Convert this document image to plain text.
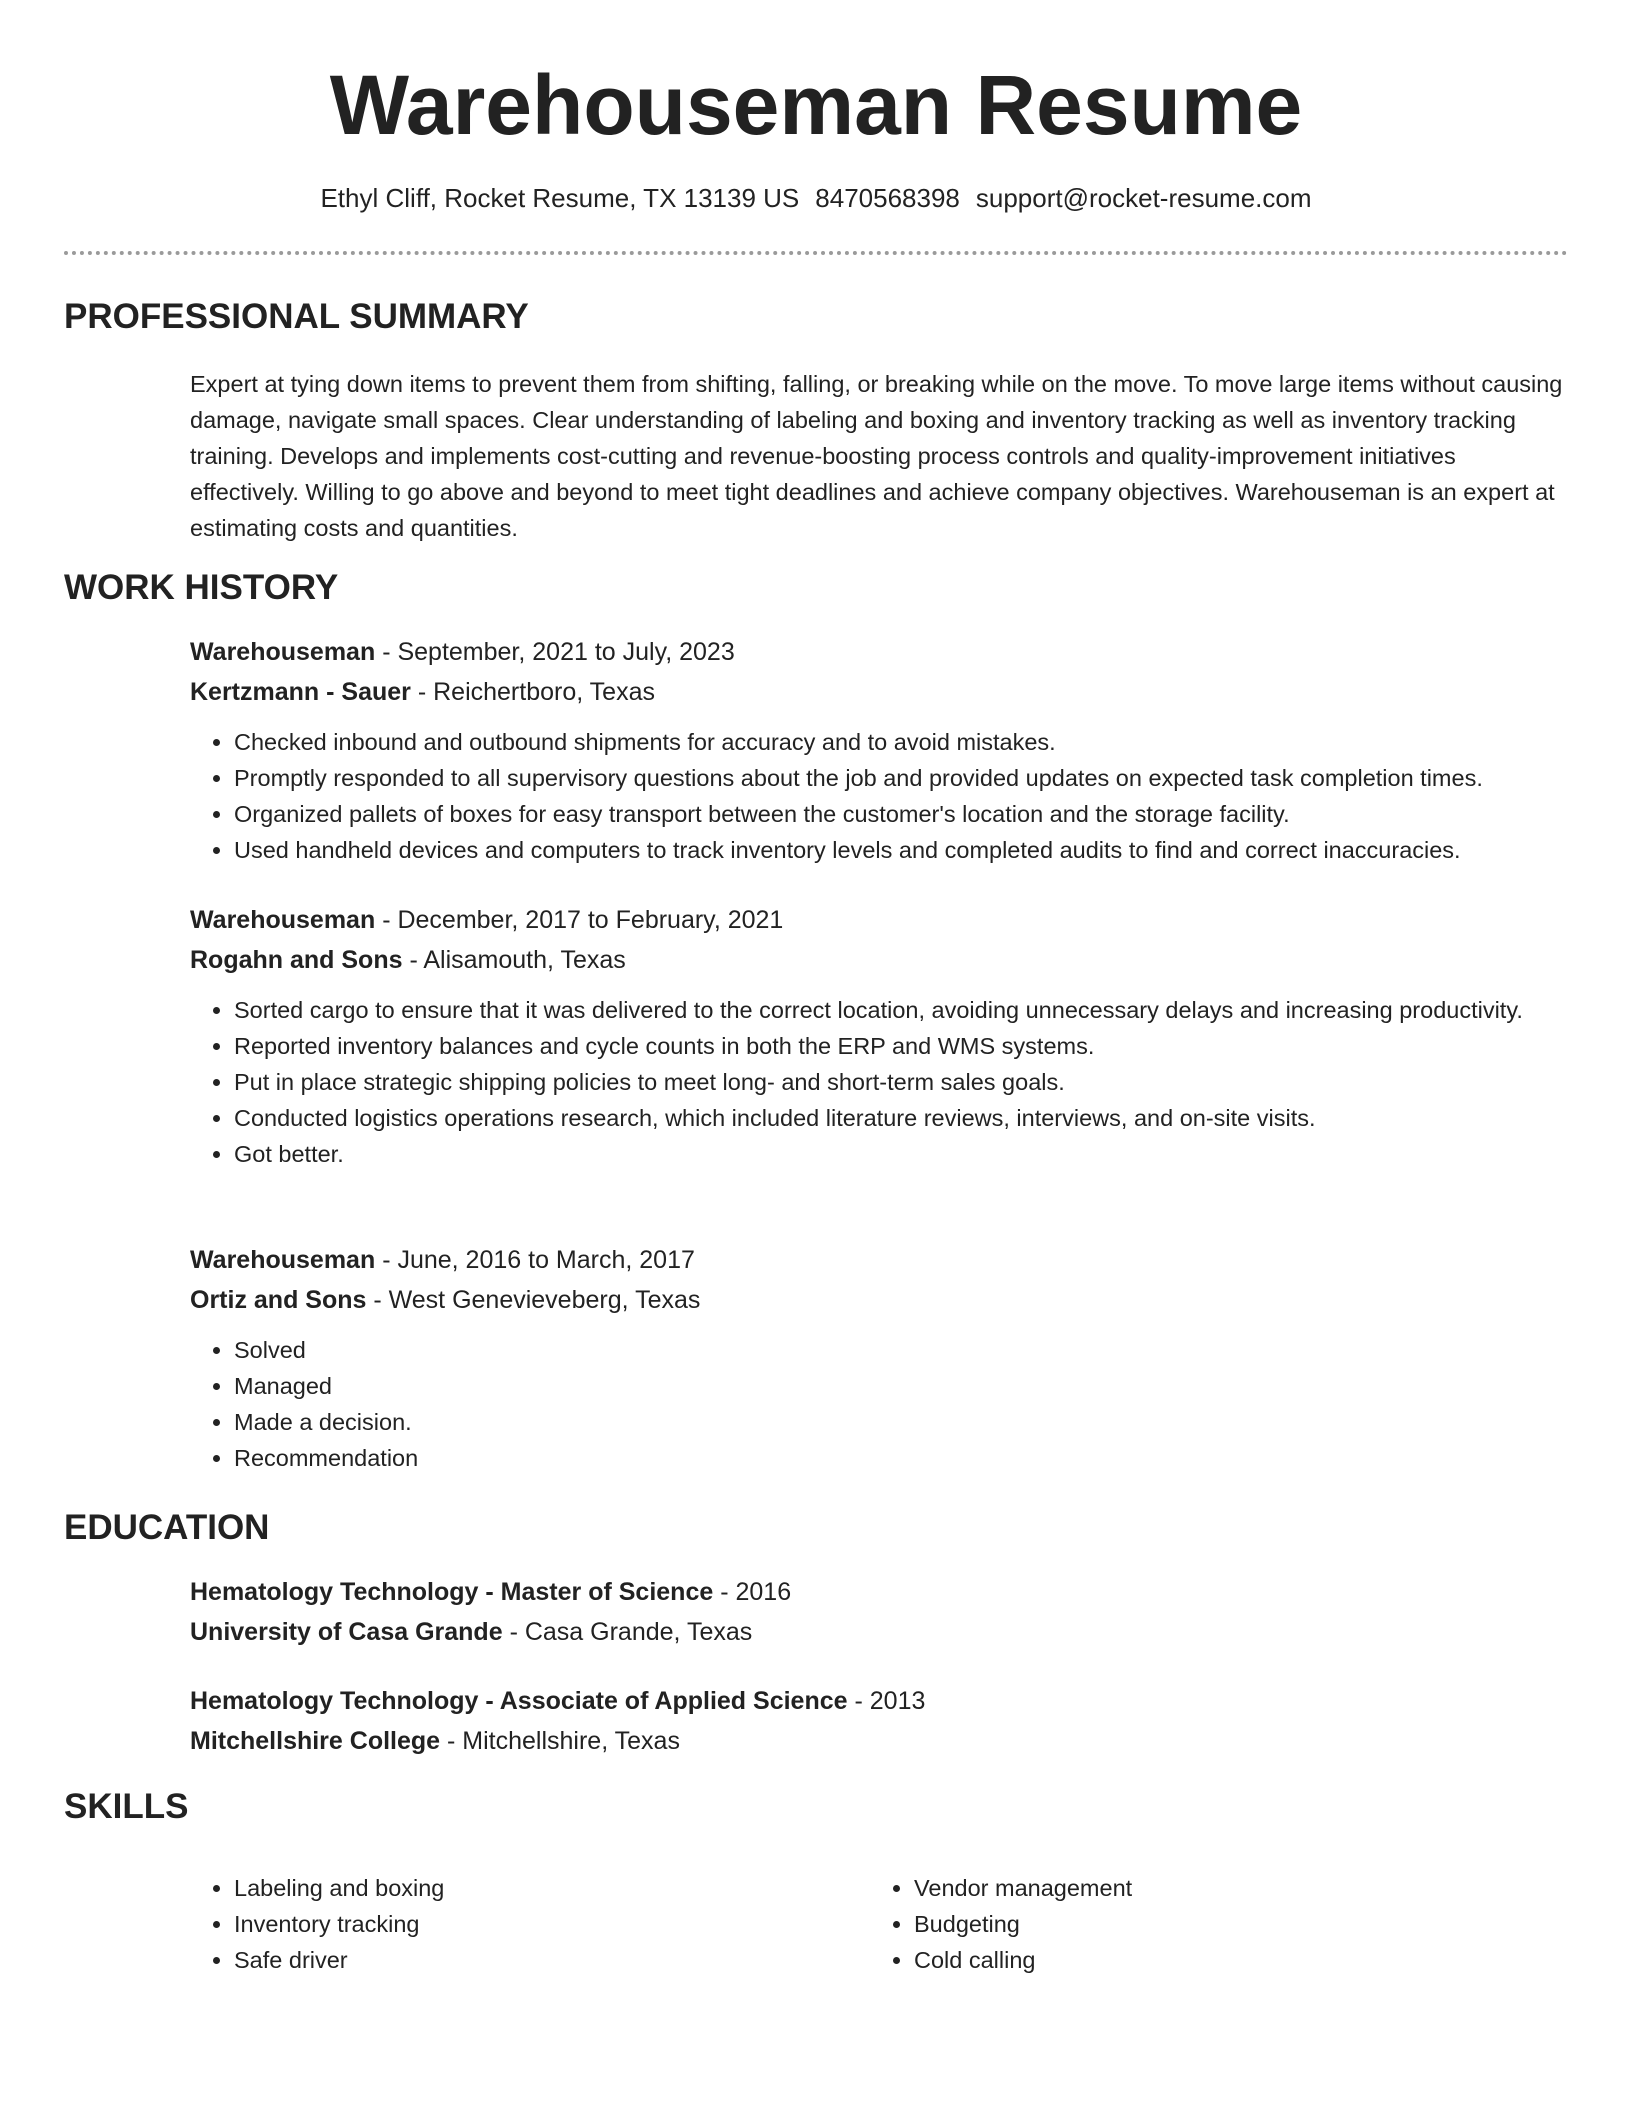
Warehouseman Resume
Ethyl Cliff, Rocket Resume, TX 13139 US 8470568398 support@rocket-resume.com
PROFESSIONAL SUMMARY

Expert at tying down items to prevent them from shifting, falling, or breaking while on the move. To move large items without causing damage, navigate small spaces. Clear understanding of labeling and boxing and inventory tracking as well as inventory tracking training. Develops and implements cost-cutting and revenue-boosting process controls and quality-improvement initiatives effectively. Willing to go above and beyond to meet tight deadlines and achieve company objectives. Warehouseman is an expert at estimating costs and quantities.

WORK HISTORY
Warehouseman - September, 2021 to July, 2023
Kertzmann - Sauer - Reichertboro, Texas
• Checked inbound and outbound shipments for accuracy and to avoid mistakes.
• Promptly responded to all supervisory questions about the job and provided updates on expected task completion times.
• Organized pallets of boxes for easy transport between the customer's location and the storage facility.
• Used handheld devices and computers to track inventory levels and completed audits to find and correct inaccuracies.
Warehouseman - December, 2017 to February, 2021
Rogahn and Sons - Alisamouth, Texas
• Sorted cargo to ensure that it was delivered to the correct location, avoiding unnecessary delays and increasing productivity.
• Reported inventory balances and cycle counts in both the ERP and WMS systems.
• Put in place strategic shipping policies to meet long- and short-term sales goals.
• Conducted logistics operations research, which included literature reviews, interviews, and on-site visits.
• Got better.
Warehouseman - June, 2016 to March, 2017
Ortiz and Sons - West Genevieveberg, Texas
• Solved
• Managed
• Made a decision.
• Recommendation
EDUCATION
Hematology Technology - Master of Science - 2016
University of Casa Grande - Casa Grande, Texas
Hematology Technology - Associate of Applied Science - 2013
Mitchellshire College - Mitchellshire, Texas
SKILLS
• Labeling and boxing
• Inventory tracking
• Safe driver
• Vendor management
• Budgeting
• Cold calling
